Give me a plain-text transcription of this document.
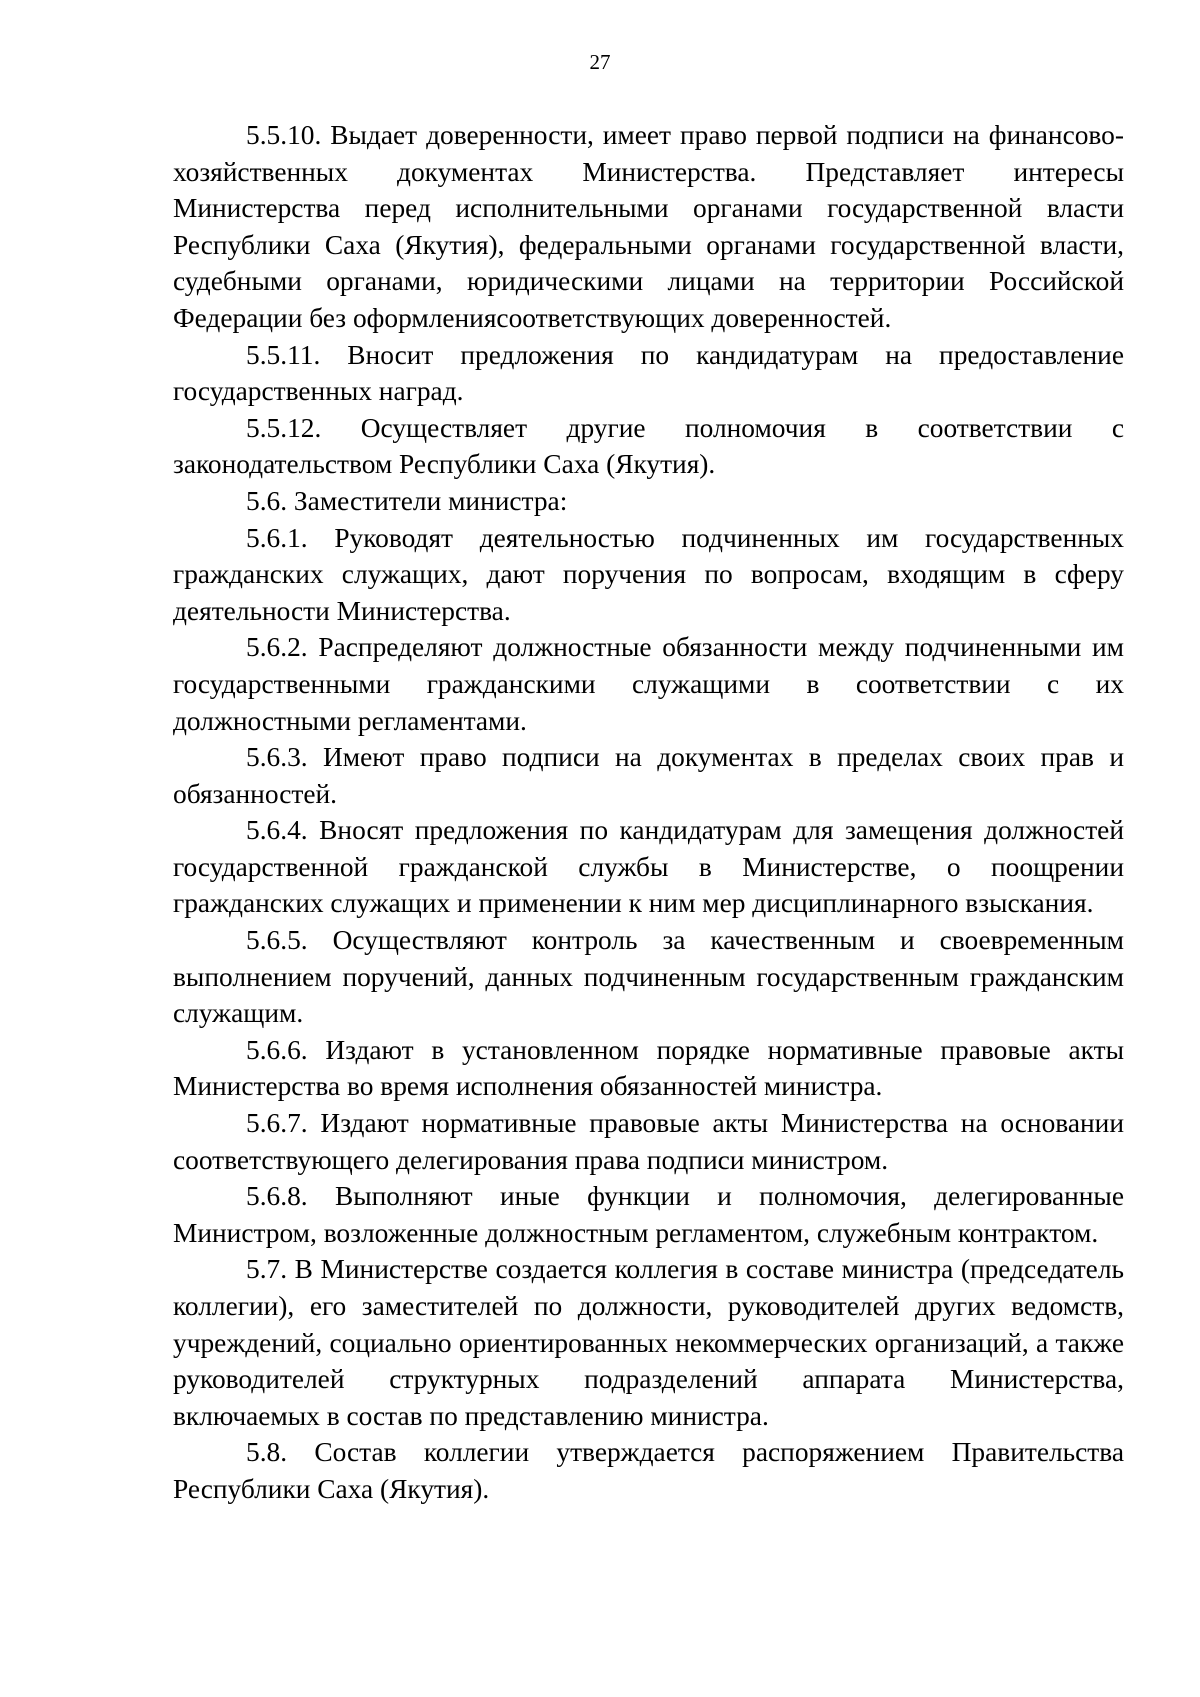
27

5.5.10. Выдает доверенности, имеет право первой подписи на финансово-хозяйственных документах Министерства. Представляет интересы Министерства перед исполнительными органами государственной власти Республики Саха (Якутия), федеральными органами государственной власти, судебными органами, юридическими лицами на территории Российской Федерации без оформлениясоответствующих доверенностей.

5.5.11. Вносит предложения по кандидатурам на предоставление государственных наград.

5.5.12. Осуществляет другие полномочия в соответствии с законодательством Республики Саха (Якутия).

5.6. Заместители министра:

5.6.1. Руководят деятельностью подчиненных им государственных гражданских служащих, дают поручения по вопросам, входящим в сферу деятельности Министерства.

5.6.2. Распределяют должностные обязанности между подчиненными им государственными гражданскими служащими в соответствии с их должностными регламентами.

5.6.3. Имеют право подписи на документах в пределах своих прав и обязанностей.

5.6.4. Вносят предложения по кандидатурам для замещения должностей государственной гражданской службы в Министерстве, о поощрении гражданских служащих и применении к ним мер дисциплинарного взыскания.

5.6.5. Осуществляют контроль за качественным и своевременным выполнением поручений, данных подчиненным государственным гражданским служащим.

5.6.6. Издают в установленном порядке нормативные правовые акты Министерства во время исполнения обязанностей министра.

5.6.7. Издают нормативные правовые акты Министерства на основании соответствующего делегирования права подписи министром.

5.6.8. Выполняют иные функции и полномочия, делегированные Министром, возложенные должностным регламентом, служебным контрактом.

5.7. В Министерстве создается коллегия в составе министра (председатель коллегии), его заместителей по должности, руководителей других ведомств, учреждений, социально ориентированных некоммерческих организаций, а также руководителей структурных подразделений аппарата Министерства, включаемых в состав по представлению министра.

5.8. Состав коллегии утверждается распоряжением Правительства Республики Саха (Якутия).
